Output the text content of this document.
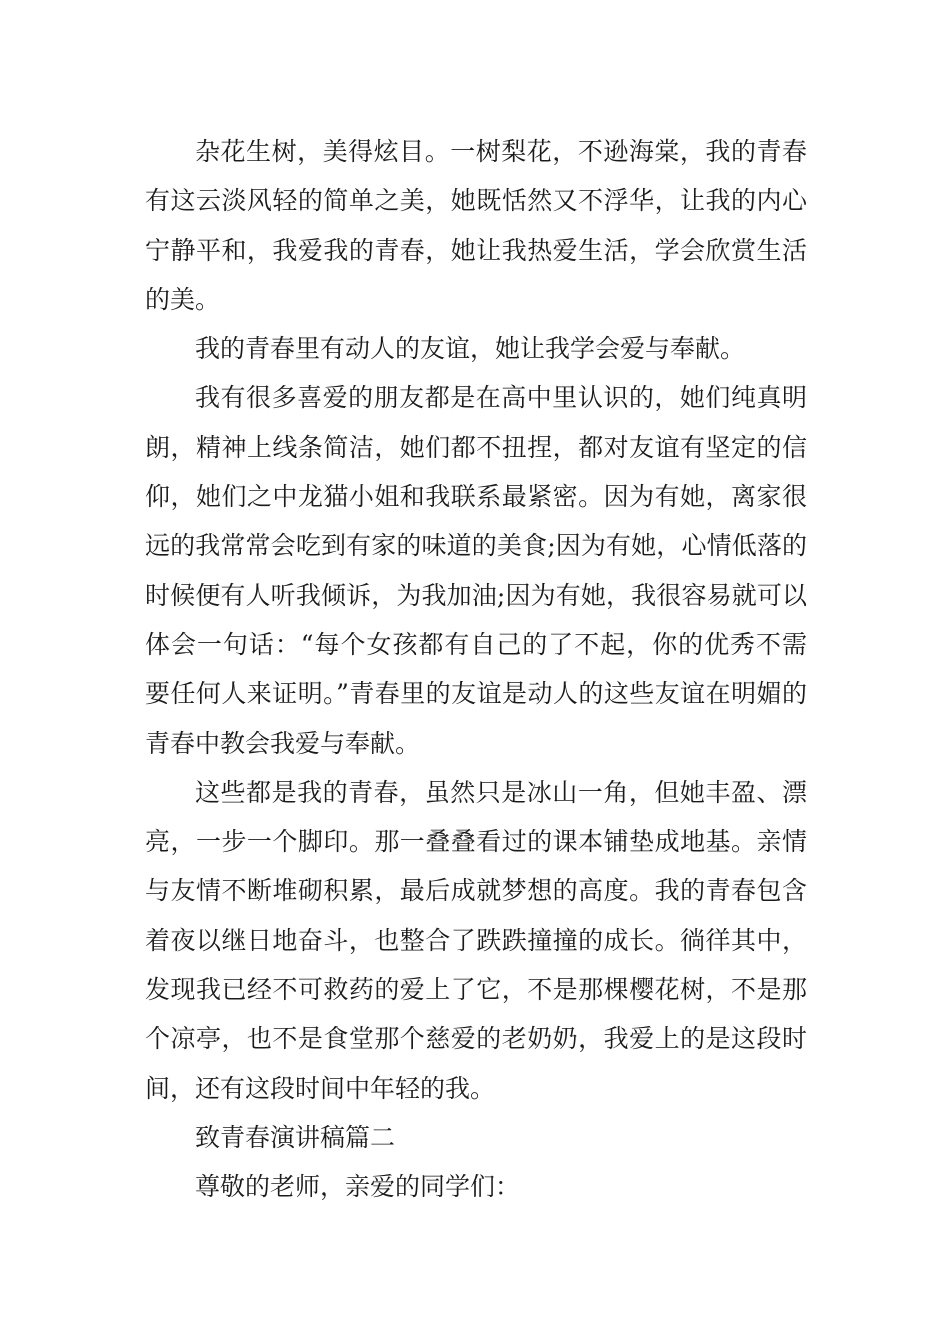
杂花生树，美得炫目。一树梨花，不逊海棠，我的青春有这云淡风轻的简单之美，她既恬然又不浮华，让我的内心宁静平和，我爱我的青春，她让我热爱生活，学会欣赏生活的美。

我的青春里有动人的友谊，她让我学会爱与奉献。

我有很多喜爱的朋友都是在高中里认识的，她们纯真明朗，精神上线条简洁，她们都不扭捏，都对友谊有坚定的信仰，她们之中龙猫小姐和我联系最紧密。因为有她，离家很远的我常常会吃到有家的味道的美食;因为有她，心情低落的时候便有人听我倾诉，为我加油;因为有她，我很容易就可以体会一句话：“每个女孩都有自己的了不起，你的优秀不需要任何人来证明。”青春里的友谊是动人的这些友谊在明媚的青春中教会我爱与奉献。

这些都是我的青春，虽然只是冰山一角，但她丰盈、漂亮，一步一个脚印。那一叠叠看过的课本铺垫成地基。亲情与友情不断堆砌积累，最后成就梦想的高度。我的青春包含着夜以继日地奋斗，也整合了跌跌撞撞的成长。徜徉其中，发现我已经不可救药的爱上了它，不是那棵樱花树，不是那个凉亭，也不是食堂那个慈爱的老奶奶，我爱上的是这段时间，还有这段时间中年轻的我。

致青春演讲稿篇二

尊敬的老师，亲爱的同学们：
